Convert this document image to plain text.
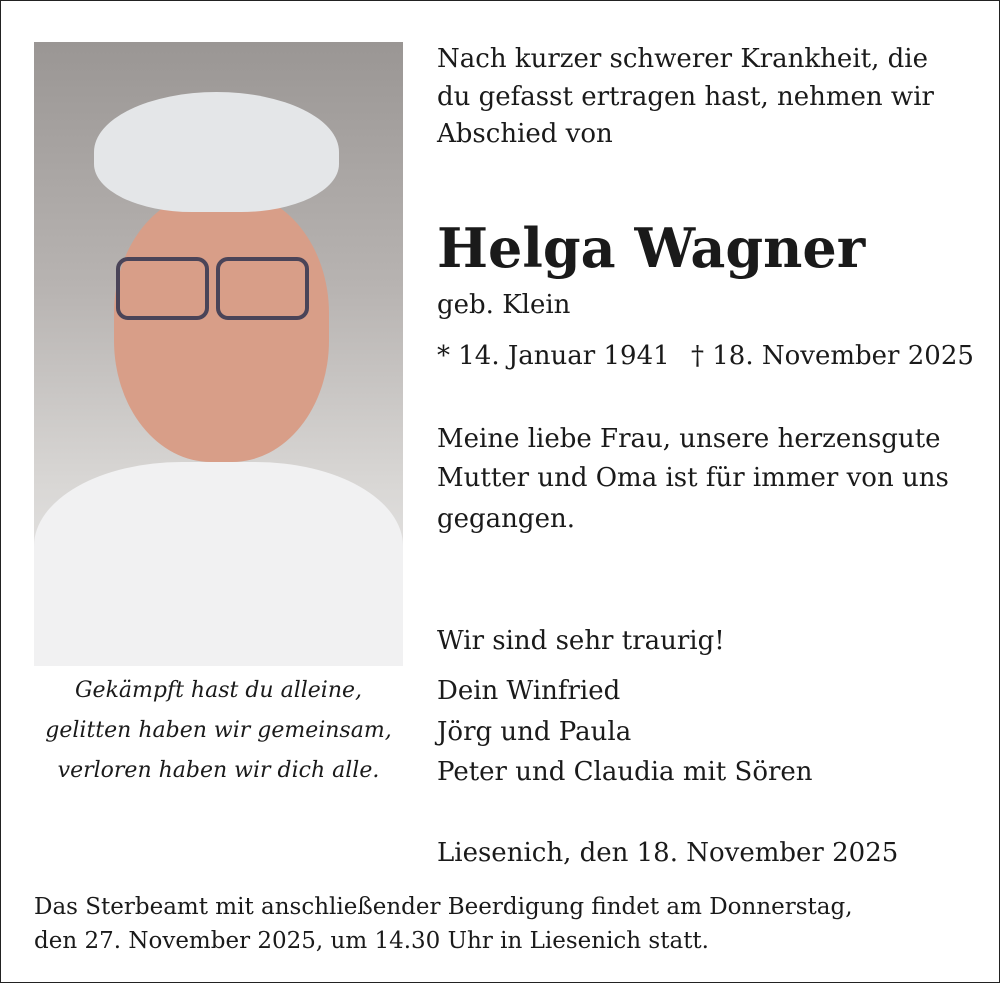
Nach kurzer schwerer Krankheit, die
du gefasst ertragen hast, nehmen wir
Abschied von
Helga Wagner
geb. Klein
* 14. Januar 1941 † 18. November 2025
Meine liebe Frau, unsere herzensgute
Mutter und Oma ist für immer von uns
gegangen.
Wir sind sehr traurig!
Dein Winfried
Jörg und Paula
Peter und Claudia mit Sören
Gekämpft hast du alleine,
gelitten haben wir gemeinsam,
verloren haben wir dich alle.
Liesenich, den 18. November 2025
Das Sterbeamt mit anschließender Beerdigung findet am Donnerstag,
den 27. November 2025, um 14.30 Uhr in Liesenich statt.
